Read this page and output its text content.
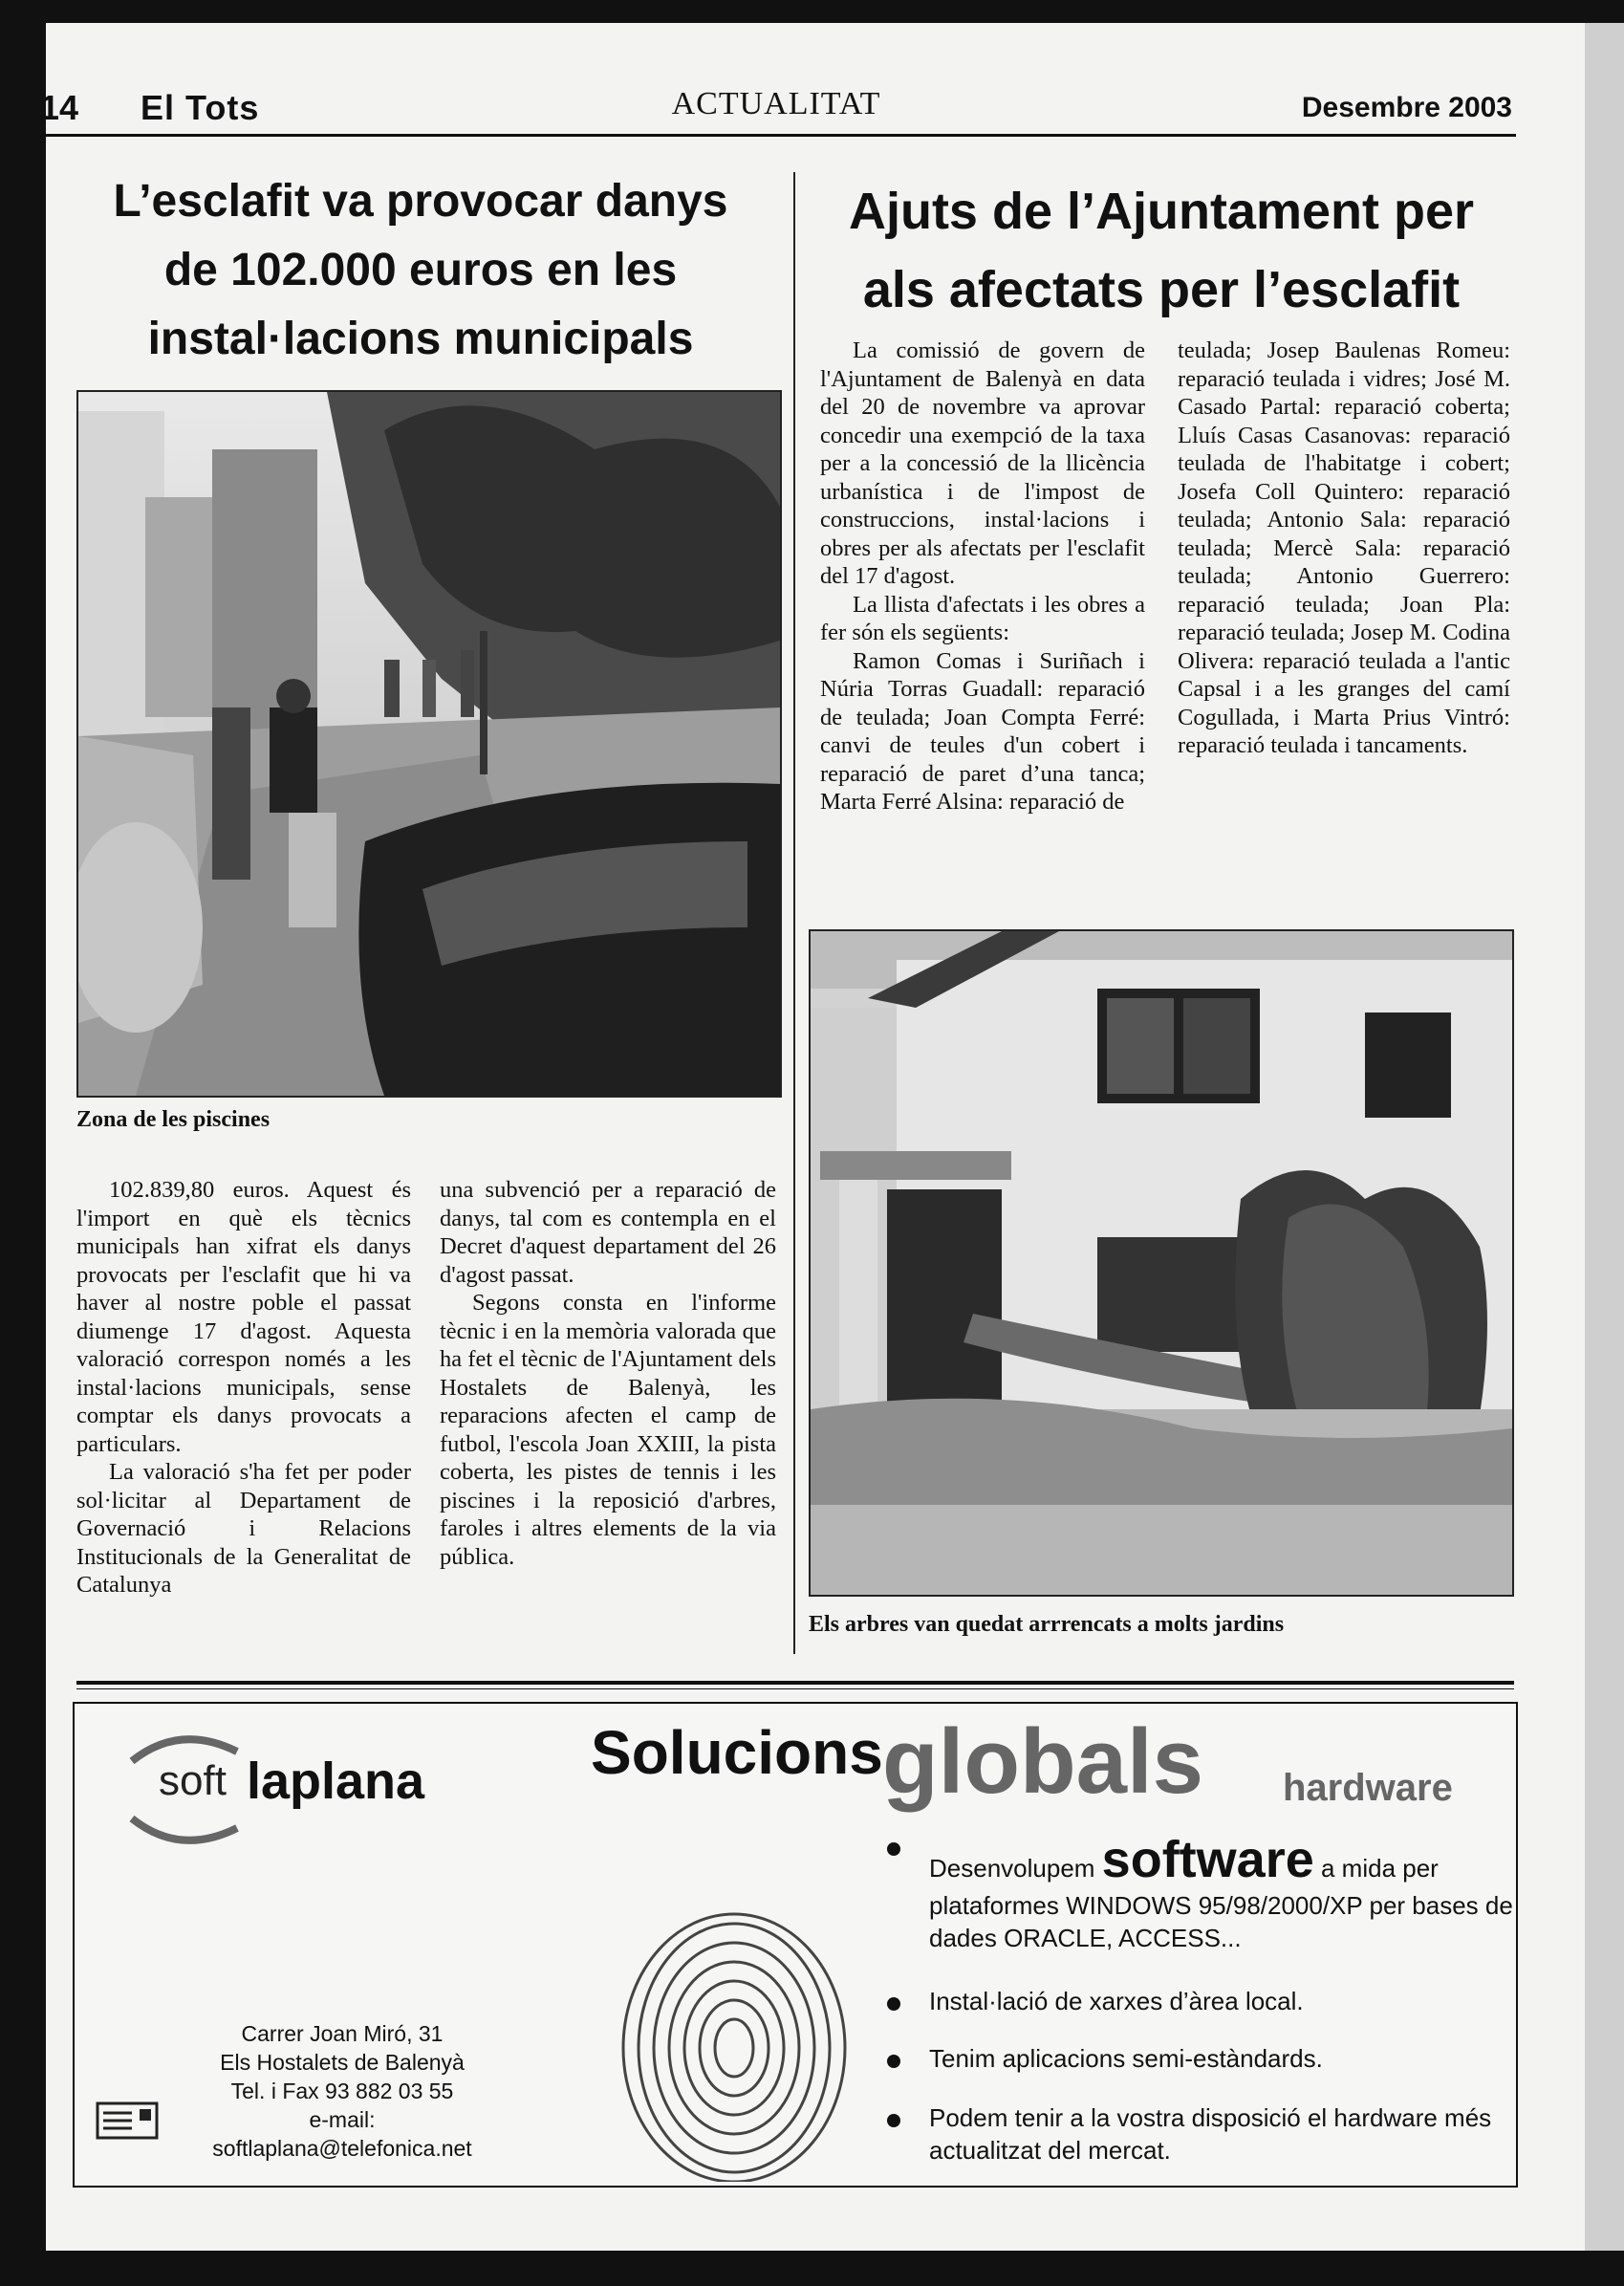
14 El Tots	ACTUALITAT	Desembre 2003
L’esclafit va provocar danys
de 102.000 euros en les
instal·lacions municipals
Zona de les piscines

102.839,80 euros. Aquest és l'import en què els tècnics municipals han xifrat els danys provocats per l'esclafit que hi va haver al nostre poble el passat diumenge 17 d'agost. Aquesta valoració correspon només a les instal·lacions municipals, sense comptar els danys provocats a particulars.

La valoració s'ha fet per poder sol·licitar al Departament de Governació i Relacions Institucionals de la Generalitat de Catalunya

una subvenció per a reparació de danys, tal com es contempla en el Decret d'aquest departament del 26 d'agost passat.

Segons consta en l'informe tècnic i en la memòria valorada que ha fet el tècnic de l'Ajuntament dels Hostalets de Balenyà, les reparacions afecten el camp de futbol, l'escola Joan XXIII, la pista coberta, les pistes de tennis i les piscines i la reposició d'arbres, faroles i altres elements de la via pública.

Ajuts de l’Ajuntament per
als afectats per l’esclafit

La comissió de govern de l'Ajuntament de Balenyà en data del 20 de novembre va aprovar concedir una exempció de la taxa per a la concessió de la llicència urbanística i de l'impost de construccions, instal·lacions i obres per als afectats per l'esclafit del 17 d'agost.

La llista d'afectats i les obres a fer són els següents:

Ramon Comas i Suriñach i Núria Torras Guadall: reparació de teulada; Joan Compta Ferré: canvi de teules d'un cobert i reparació de paret d’una tanca; Marta Ferré Alsina: reparació de

teulada; Josep Baulenas Romeu: reparació teulada i vidres; José M. Casado Partal: reparació coberta; Lluís Casas Casanovas: reparació teulada de l'habitatge i cobert; Josefa Coll Quintero: reparació teulada; Antonio Sala: reparació teulada; Mercè Sala: reparació teulada; Antonio Guerrero: reparació teulada; Joan Pla: reparació teulada; Josep M. Codina Olivera: reparació teulada a l'antic Capsal i a les granges del camí Cogullada, i Marta Prius Vintró: reparació teulada i tancaments.

Els arbres van quedat arrrencats a molts jardins
soft laplana	Solucions globals hardware
Desenvolupem software a mida per plataformes WINDOWS 95/98/2000/XP per bases de dades ORACLE, ACCESS...
Instal·lació de xarxes d’àrea local.
Tenim aplicacions semi-estàndards.
Podem tenir a la vostra disposició el hardware més actualitzat del mercat.
Carrer Joan Miró, 31
Els Hostalets de Balenyà
Tel. i Fax 93 882 03 55
e-mail:
softlaplana@telefonica.net
